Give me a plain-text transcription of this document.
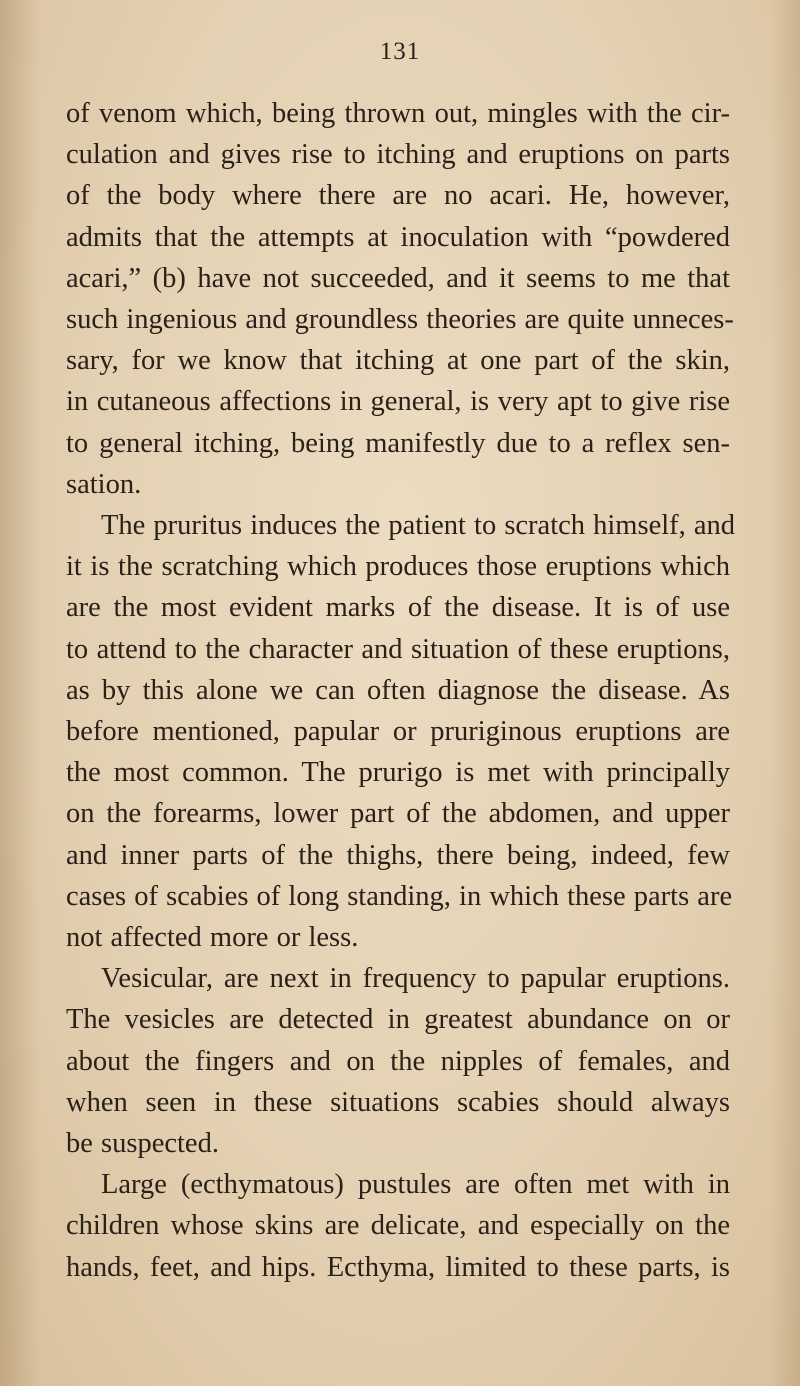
131
of venom which, being thrown out, mingles with the cir-
culation and gives rise to itching and eruptions on parts
of the body where there are no acari. He, however,
admits that the attempts at inoculation with “powdered
acari,” (b) have not succeeded, and it seems to me that
such ingenious and groundless theories are quite unneces-
sary, for we know that itching at one part of the skin,
in cutaneous affections in general, is very apt to give rise
to general itching, being manifestly due to a reflex sen-
sation.
The pruritus induces the patient to scratch himself, and
it is the scratching which produces those eruptions which
are the most evident marks of the disease. It is of use
to attend to the character and situation of these eruptions,
as by this alone we can often diagnose the disease. As
before mentioned, papular or pruriginous eruptions are
the most common. The prurigo is met with principally
on the forearms, lower part of the abdomen, and upper
and inner parts of the thighs, there being, indeed, few
cases of scabies of long standing, in which these parts are
not affected more or less.
Vesicular, are next in frequency to papular eruptions.
The vesicles are detected in greatest abundance on or
about the fingers and on the nipples of females, and
when seen in these situations scabies should always
be suspected.
Large (ecthymatous) pustules are often met with in
children whose skins are delicate, and especially on the
hands, feet, and hips. Ecthyma, limited to these parts, is
